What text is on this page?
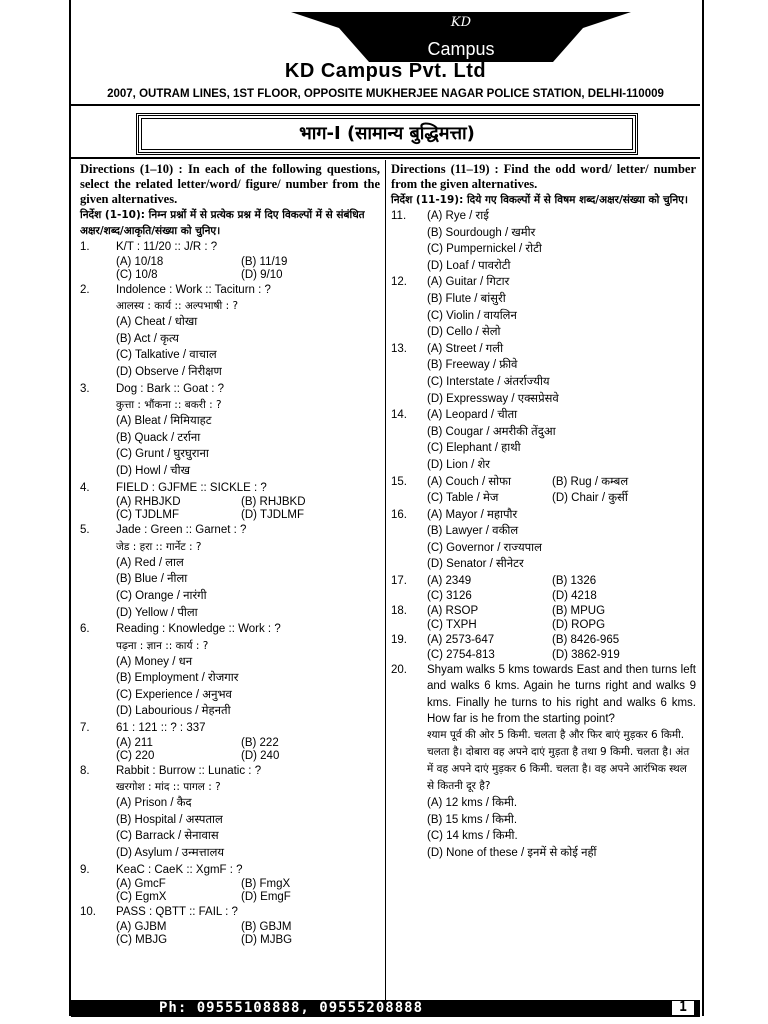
KD
Campus
KD Campus Pvt. Ltd
2007, OUTRAM LINES, 1ST FLOOR, OPPOSITE MUKHERJEE NAGAR POLICE STATION, DELHI-110009
भाग-I (सामान्य बुद्धिमत्ता)
Directions (1–10) : In each of the following questions, select the related letter/word/ figure/ number from the given alternatives.
निर्देश (1-10): निम्न प्रश्नों में से प्रत्येक प्रश्न में दिए विकल्पों में से संबंधित अक्षर/शब्द/आकृति/संख्या को चुनिए।
1.	K/T : 11/20 :: J/R : ?
(A) 10/18	(B) 11/19
(C) 10/8	(D) 9/10
2.	Indolence : Work :: Taciturn : ?
आलस्य : कार्य :: अल्पभाषी : ?
(A) Cheat / धोखा
(B) Act / कृत्य
(C) Talkative / वाचाल
(D) Observe / निरीक्षण
3.	Dog : Bark :: Goat : ?
कुत्ता : भौंकना :: बकरी : ?
(A) Bleat / मिमियाहट
(B) Quack / टर्राना
(C) Grunt / घुरघुराना
(D) Howl / चीख
4.	FIELD : GJFME :: SICKLE : ?
(A) RHBJKD	(B) RHJBKD
(C) TJDLMF	(D) TJDLMF
5.	Jade : Green :: Garnet : ?
जेड : हरा :: गार्नेट : ?
(A) Red / लाल
(B) Blue / नीला
(C) Orange / नारंगी
(D) Yellow / पीला
6.	Reading : Knowledge :: Work : ?
पढ़ना : ज्ञान :: कार्य : ?
(A) Money / धन
(B) Employment / रोजगार
(C) Experience / अनुभव
(D) Labourious / मेहनती
7.	61 : 121 :: ? : 337
(A) 211	(B) 222
(C) 220	(D) 240
8.	Rabbit : Burrow :: Lunatic : ?
खरगोश : मांद :: पागल : ?
(A) Prison / कैद
(B) Hospital / अस्पताल
(C) Barrack / सेनावास
(D) Asylum / उन्मत्तालय
9.	KeaC : CaeK :: XgmF : ?
(A) GmcF	(B) FmgX
(C) EgmX	(D) EmgF
10.	PASS : QBTT :: FAIL : ?
(A) GJBM	(B) GBJM
(C) MBJG	(D) MJBG
Directions (11–19) : Find the odd word/ letter/ number from the given alternatives.
निर्देश (11-19): दिये गए विकल्पों में से विषम शब्द/अक्षर/संख्या को चुनिए।
11.	(A) Rye / राई
(B) Sourdough / खमीर
(C) Pumpernickel / रोटी
(D) Loaf / पावरोटी
12.	(A) Guitar / गिटार
(B) Flute / बांसुरी
(C) Violin / वायलिन
(D) Cello / सेलो
13.	(A) Street / गली
(B) Freeway / फ्रीवे
(C) Interstate / अंतर्राज्यीय
(D) Expressway / एक्सप्रेसवे
14.	(A) Leopard / चीता
(B) Cougar / अमरीकी तेंदुआ
(C) Elephant / हाथी
(D) Lion / शेर
15.	(A) Couch / सोफा	(B) Rug / कम्बल
(C) Table / मेज	(D) Chair / कुर्सी
16.	(A) Mayor / महापौर
(B) Lawyer / वकील
(C) Governor / राज्यपाल
(D) Senator / सीनेटर
17.	(A) 2349	(B) 1326
(C) 3126	(D) 4218
18.	(A) RSOP	(B) MPUG
(C) TXPH	(D) ROPG
19.	(A) 2573-647	(B) 8426-965
(C) 2754-813	(D) 3862-919
20.	Shyam walks 5 kms towards East and then turns left and walks 6 kms. Again he turns right and walks 9 kms. Finally he turns to his right and walks 6 kms. How far is he from the starting point?
श्याम पूर्व की ओर 5 किमी. चलता है और फिर बाएं मुड़कर 6 किमी. चलता है। दोबारा वह अपने दाएं मुड़ता है तथा 9 किमी. चलता है। अंत में वह अपने दाएं मुड़कर 6 किमी. चलता है। वह अपने आरंभिक स्थल से कितनी दूर है?
(A) 12 kms / किमी.
(B) 15 kms / किमी.
(C) 14 kms / किमी.
(D) None of these / इनमें से कोई नहीं
Ph: 09555108888, 09555208888	1
